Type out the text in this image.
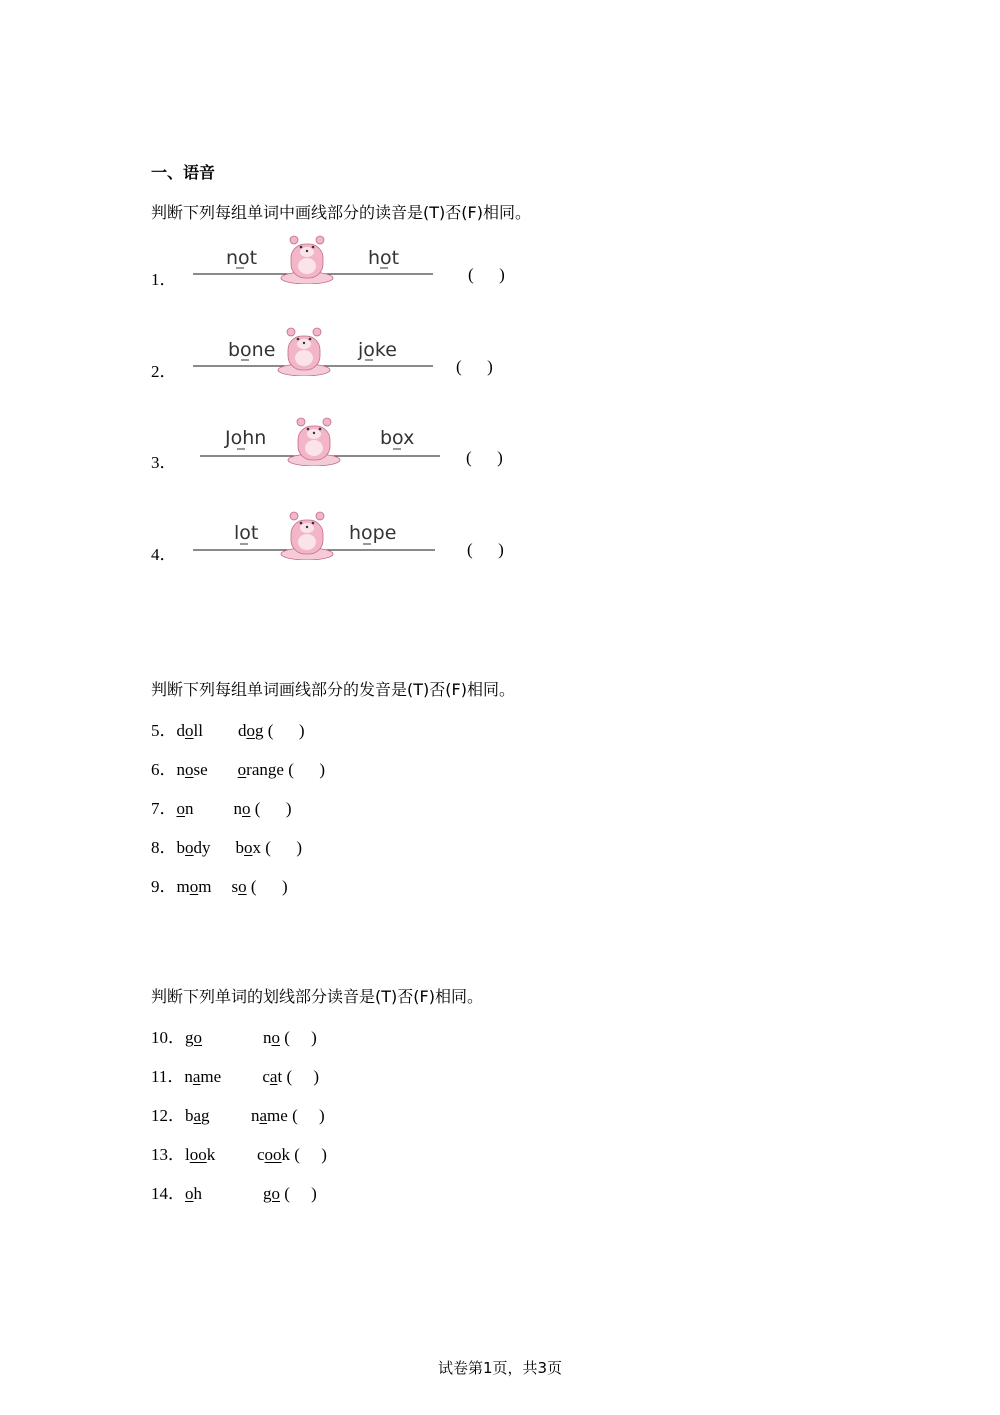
一、语音
判断下列每组单词中画线部分的读音是(T)否(F)相同。
1．
not	hot
(      )
2．
bone	joke
(      )
3．
John	box
(      )
4．
lot	hope
(      )
判断下列每组单词画线部分的发音是(T)否(F)相同。
5．doll dog (      )
6．nose orange (      )
7．on no (      )
8．body box (      )
9．mom so (      )
判断下列单词的划线部分读音是(T)否(F)相同。
10．go	no (     )
11．name cat (     )
12．bag name (     )
13．look cook (     )
14．oh	go (     )
试卷第1页，共3页
